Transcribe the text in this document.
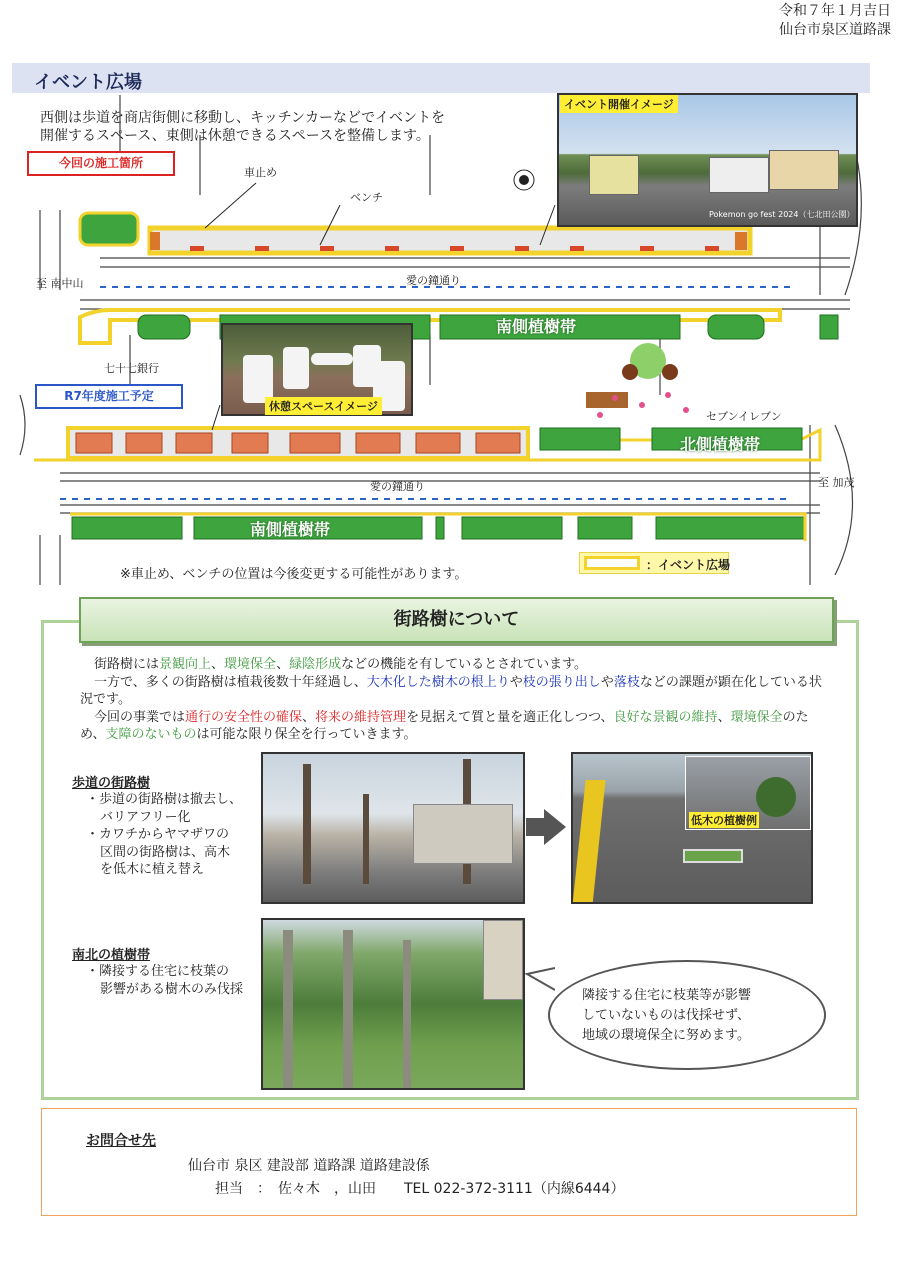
令和７年１月吉日
仙台市泉区道路課
イベント広場
西側は歩道を商店街側に移動し、キッチンカーなどでイベントを
開催するスペース、東側は休憩できるスペースを整備します。
今回の施工箇所
R7年度施工予定
車止め
ベンチ
至 南中山	愛の鐘通り
南側植樹帯
七十七銀行
セブンイレブン
北側植樹帯
愛の鐘通り	至 加茂
南側植樹帯
Pokemon go fest 2024（七北田公園）
イベント開催イメージ
休憩スペースイメージ
※車止め、ベンチの位置は今後変更する可能性があります。
：イベント広場
街路樹について

街路樹には景観向上、環境保全、緑陰形成などの機能を有しているとされています。

一方で、多くの街路樹は植栽後数十年経過し、大木化した樹木の根上りや枝の張り出しや落枝などの課題が顕在化している状況です。

今回の事業では通行の安全性の確保、将来の維持管理を見据えて質と量を適正化しつつ、良好な景観の維持、環境保全のため、支障のないものは可能な限り保全を行っていきます。

歩道の街路樹
・歩道の街路樹は撤去し、
バリアフリー化
・カワチからヤマザワの
区間の街路樹は、高木
を低木に植え替え
低木の植樹例
南北の植樹帯
・隣接する住宅に枝葉の
影響がある樹木のみ伐採	隣接する住宅に枝葉等が影響
していないものは伐採せず、
地域の環境保全に努めます。
お問合せ先
仙台市 泉区 建設部 道路課 道路建設係
担当　：　佐々木　，山田　　TEL 022-372-3111（内線6444）
